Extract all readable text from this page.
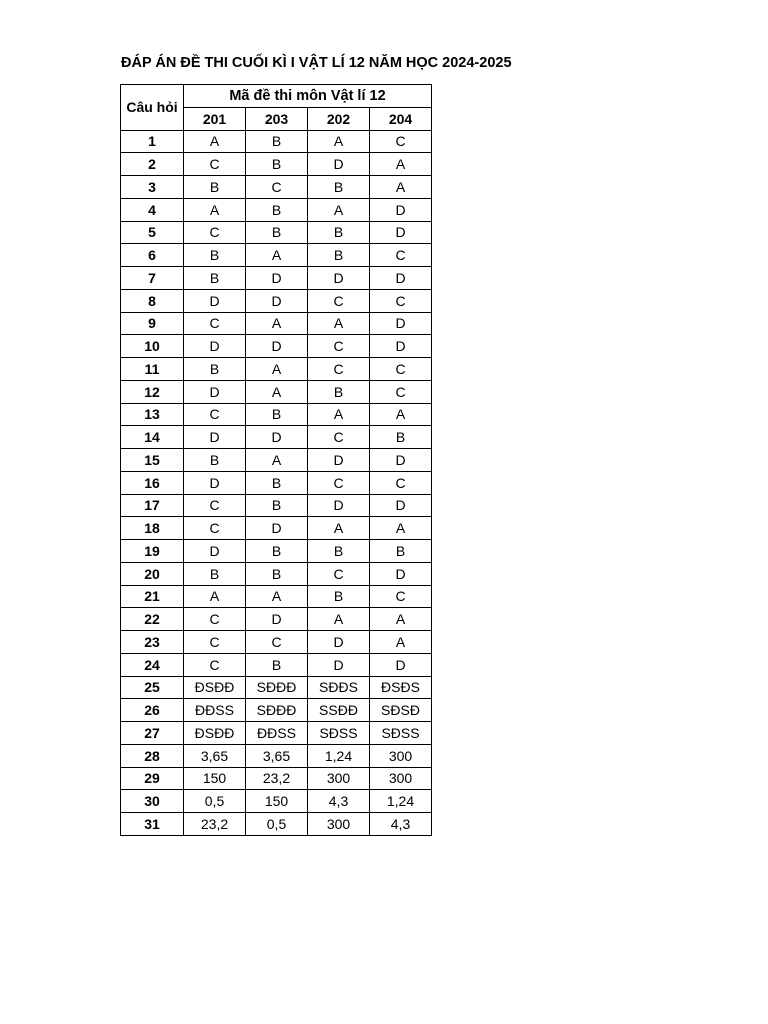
ĐÁP ÁN ĐỀ THI CUỐI KÌ I VẬT LÍ 12 NĂM HỌC 2024-2025
Câu hỏi	Mã đề thi môn Vật lí 12			
	201	203	202	204
1	A	B	A	C
2	C	B	D	A
3	B	C	B	A
4	A	B	A	D
5	C	B	B	D
6	B	A	B	C
7	B	D	D	D
8	D	D	C	C
9	C	A	A	D
10	D	D	C	D
11	B	A	C	C
12	D	A	B	C
13	C	B	A	A
14	D	D	C	B
15	B	A	D	D
16	D	B	C	C
17	C	B	D	D
18	C	D	A	A
19	D	B	B	B
20	B	B	C	D
21	A	A	B	C
22	C	D	A	A
23	C	C	D	A
24	C	B	D	D
25	ĐSĐĐ	SĐĐĐ	SĐĐS	ĐSĐS
26	ĐĐSS	SĐĐĐ	SSĐĐ	SĐSĐ
27	ĐSĐĐ	ĐĐSS	SĐSS	SĐSS
28	3,65	3,65	1,24	300
29	150	23,2	300	300
30	0,5	150	4,3	1,24
31	23,2	0,5	300	4,3
